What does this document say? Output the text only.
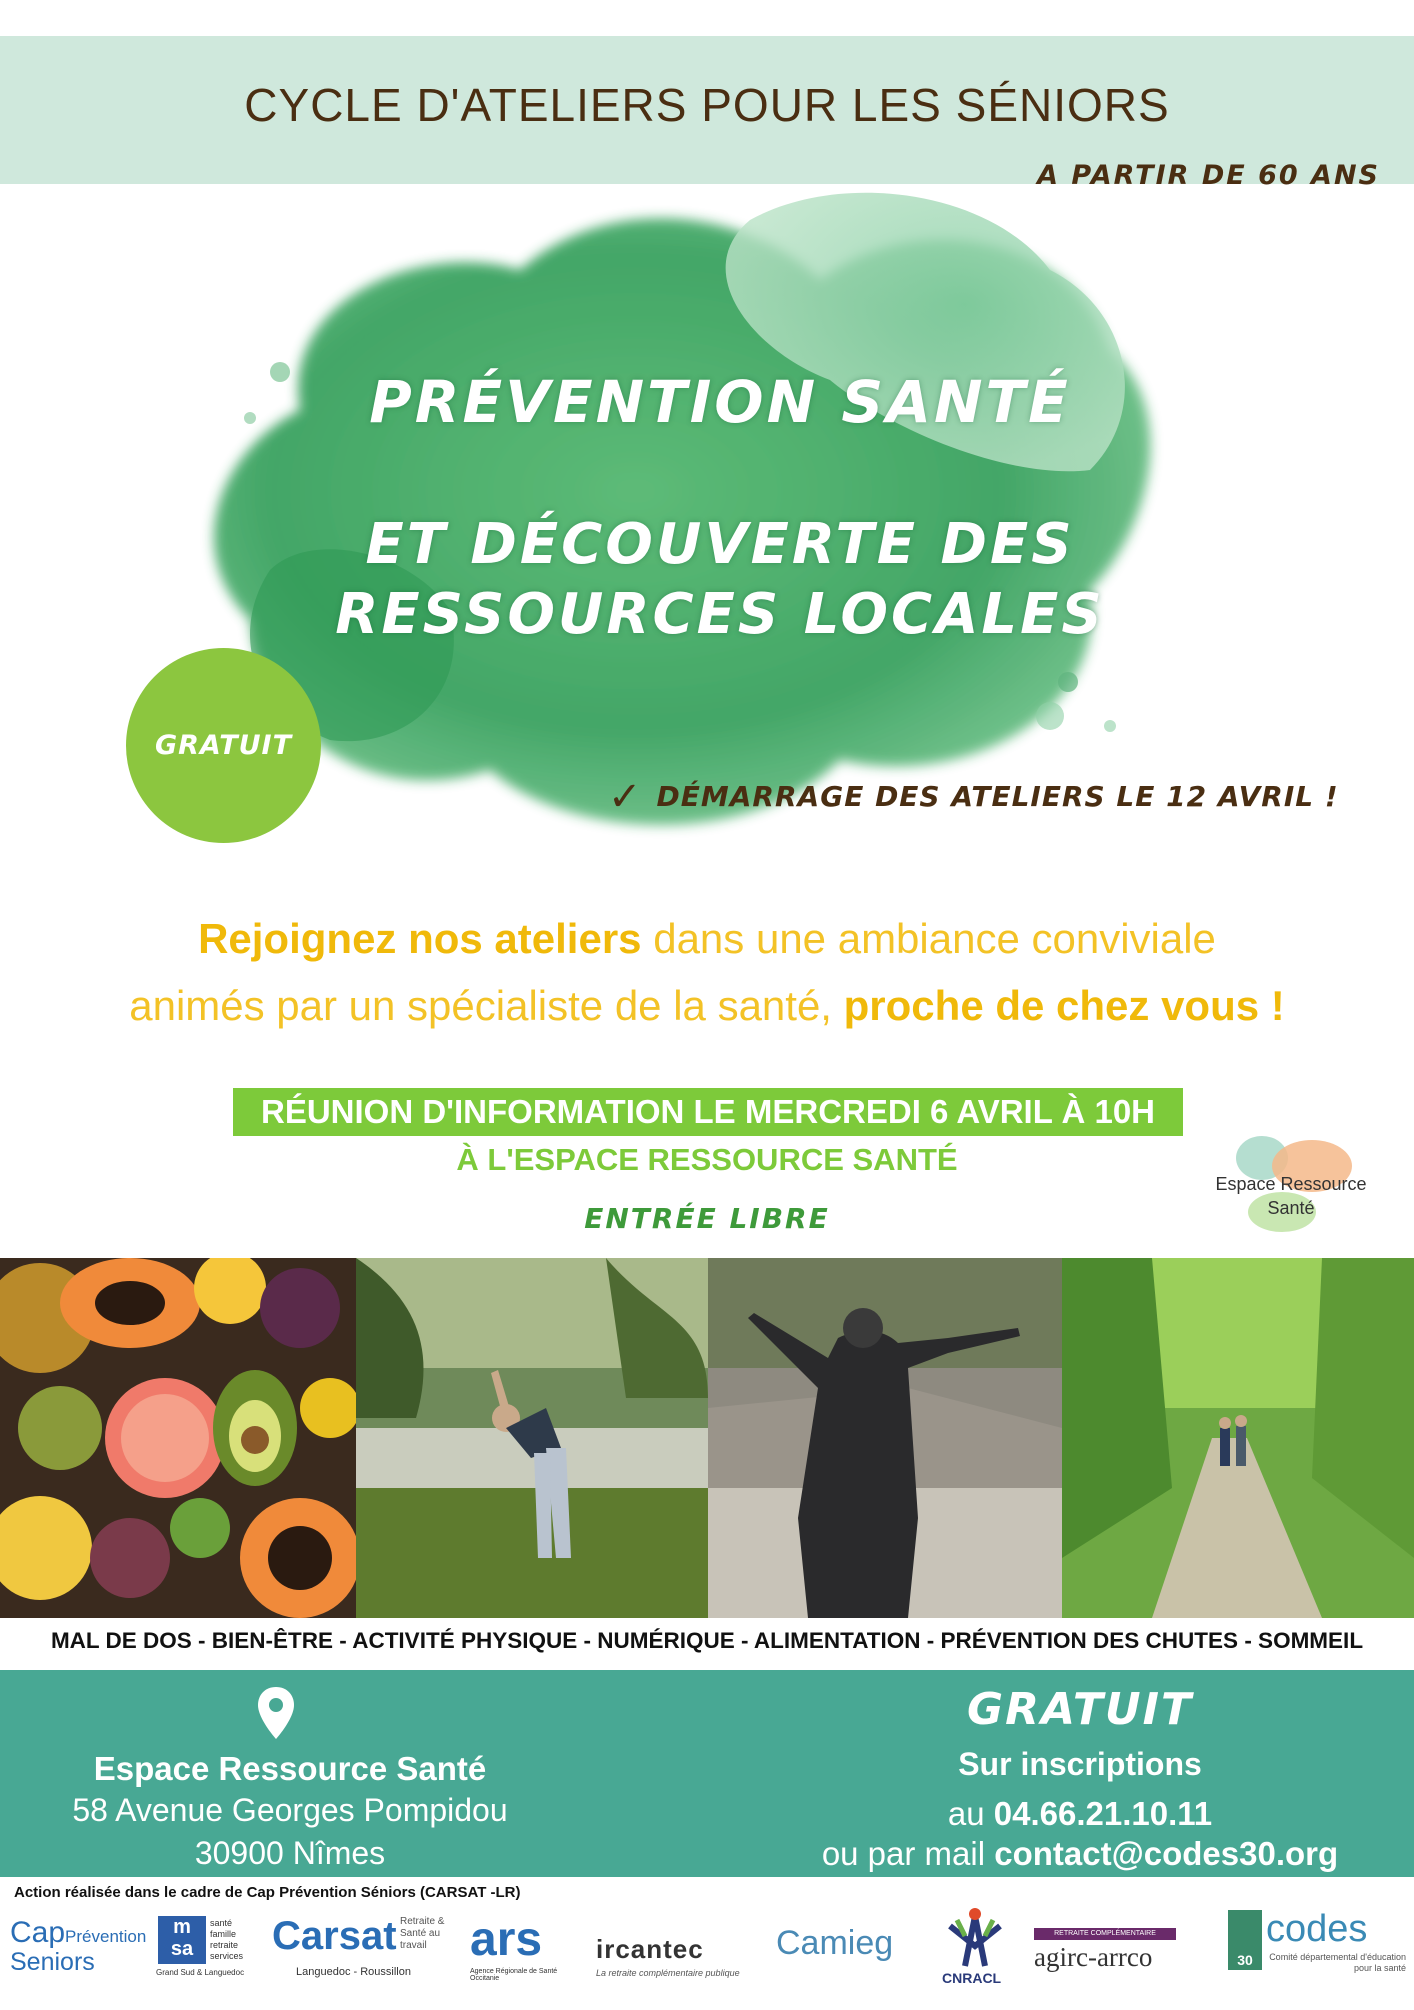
CYCLE D'ATELIERS POUR LES SÉNIORS
A PARTIR DE 60 ANS
PRÉVENTION SANTÉ
ET DÉCOUVERTE DES
RESSOURCES LOCALES
GRATUIT
✓ DÉMARRAGE DES ATELIERS LE 12 AVRIL !
Rejoignez nos ateliers dans une ambiance conviviale
animés par un spécialiste de la santé, proche de chez vous !
RÉUNION D'INFORMATION LE MERCREDI 6 AVRIL À 10H
À L'ESPACE RESSOURCE SANTÉ
ENTRÉE LIBRE
Espace Ressource
Santé
MAL DE DOS - BIEN-ÊTRE - ACTIVITÉ PHYSIQUE - NUMÉRIQUE - ALIMENTATION - PRÉVENTION DES CHUTES - SOMMEIL
Espace Ressource Santé
58 Avenue Georges Pompidou
30900 Nîmes
GRATUIT
Sur inscriptions
au 04.66.21.10.11
ou par mail contact@codes30.org
Action réalisée dans le cadre de Cap Prévention Séniors (CARSAT -LR)
CapPrévention
$^{Seniors}$
m
sa
santé famille retraite services
Grand Sud & Languedoc
Carsat Retraite & Santé au travail
Languedoc - Roussillon
ars
Agence Régionale de Santé Occitanie
ircantec
La retraite complémentaire publique
Camieg
CNRACL
RETRAITE COMPLÉMENTAIRE
agirc-arrco	30
codes
Comité départemental d'éducation pour la santé
